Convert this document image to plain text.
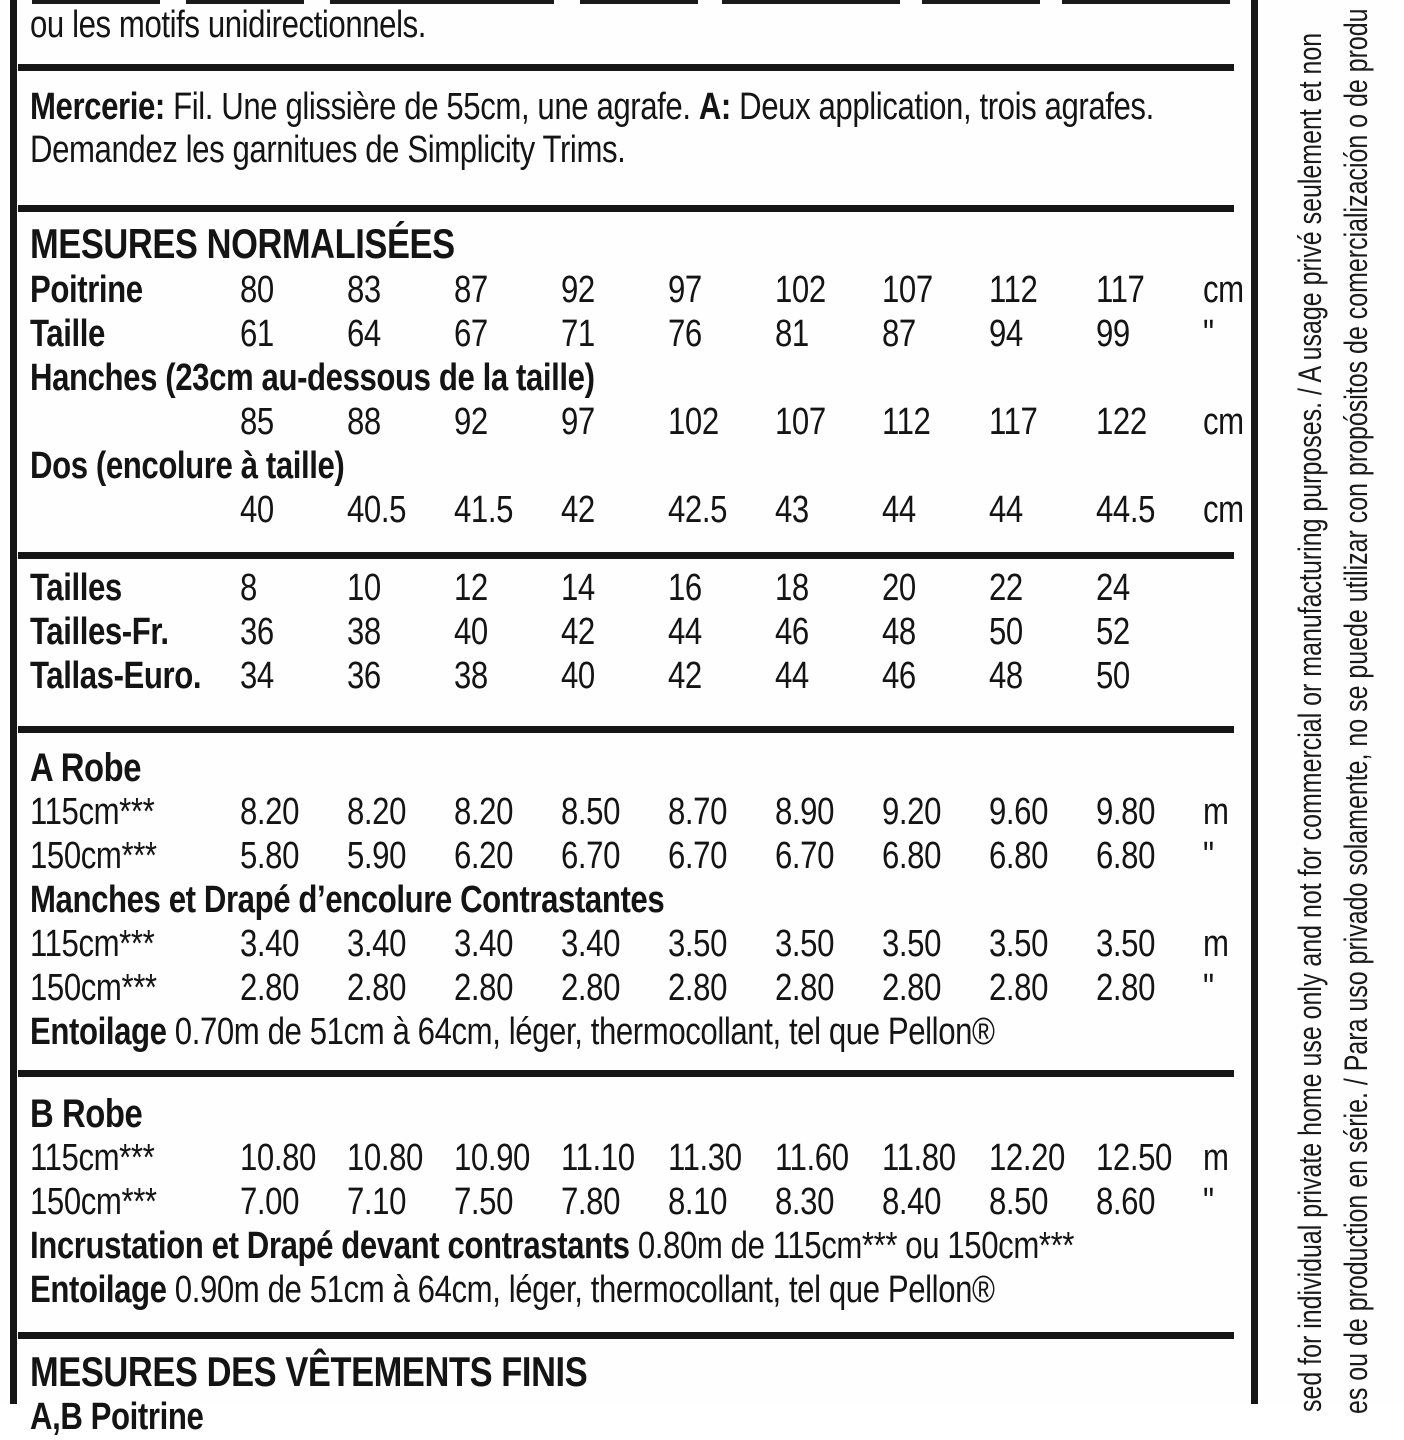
ou les motifs unidirectionnels.
Mercerie: Fil. Une glissière de 55cm, une agrafe. A: Deux application, trois agrafes.
Demandez les garnitues de Simplicity Trims.
MESURES NORMALISÉES
Poitrine	80	83	87	92	97	102	107	112	117	cm
Taille	61	64	67	71	76	81	87	94	99	"
Hanches (23cm au-dessous de la taille)
85	88	92	97	102	107	112	117	122	cm
Dos (encolure à taille)
40	40.5	41.5	42	42.5	43	44	44	44.5	cm
Tailles	8	10	12	14	16	18	20	22	24
Tailles-Fr.	36	38	40	42	44	46	48	50	52
Tallas-Euro.	34	36	38	40	42	44	46	48	50
A Robe
115cm***	8.20	8.20	8.20	8.50	8.70	8.90	9.20	9.60	9.80	m
150cm***	5.80	5.90	6.20	6.70	6.70	6.70	6.80	6.80	6.80	"
Manches et Drapé d’encolure Contrastantes
115cm***	3.40	3.40	3.40	3.40	3.50	3.50	3.50	3.50	3.50	m
150cm***	2.80	2.80	2.80	2.80	2.80	2.80	2.80	2.80	2.80	"
Entoilage 0.70m de 51cm à 64cm, léger, thermocollant, tel que Pellon®
B Robe
115cm***	10.80 10.80 10.90 11.10 11.30 11.60 11.80 12.20 12.50 m
150cm***	7.00	7.10	7.50	7.80	8.10	8.30	8.40	8.50	8.60	"
Incrustation et Drapé devant contrastants 0.80m de 115cm*** ou 150cm***
Entoilage 0.90m de 51cm à 64cm, léger, thermocollant, tel que Pellon®
MESURES DES VÊTEMENTS FINIS
A,B Poitrine
sed for individual private home use only and not for commercial or manufacturing purposes. / A usage privé seulement et non es ou de production en série. / Para uso privado solamente, no se puede utilizar con propósitos de comercialización o de produ
